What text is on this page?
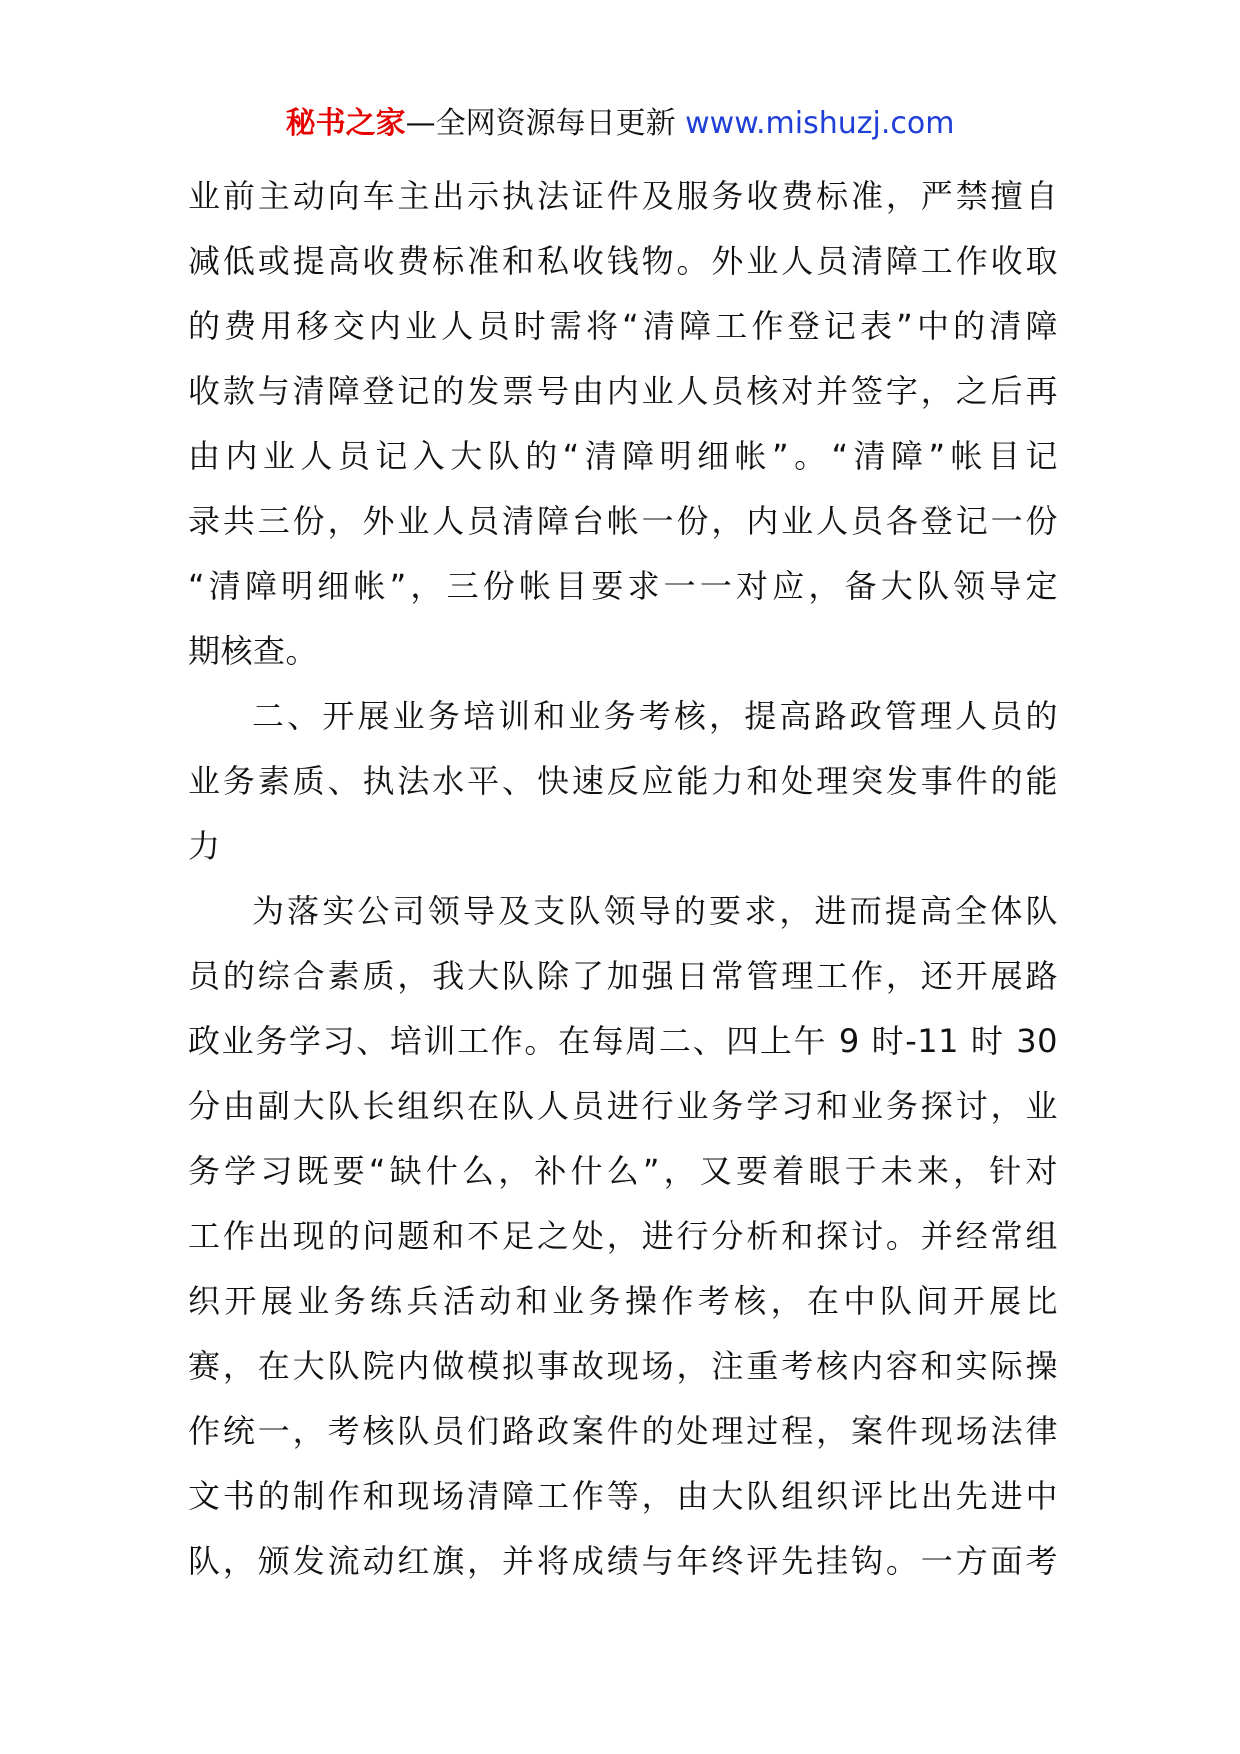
秘书之家—全网资源每日更新 www.mishuzj.com
业前主动向车主出示执法证件及服务收费标准，严禁擅自
减低或提高收费标准和私收钱物。外业人员清障工作收取
的费用移交内业人员时需将“清障工作登记表”中的清障
收款与清障登记的发票号由内业人员核对并签字，之后再
由内业人员记入大队的“清障明细帐”。“清障”帐目记
录共三份，外业人员清障台帐一份，内业人员各登记一份
“清障明细帐”，三份帐目要求一一对应，备大队领导定
期核查。
二、开展业务培训和业务考核，提高路政管理人员的
业务素质、执法水平、快速反应能力和处理突发事件的能
力
为落实公司领导及支队领导的要求，进而提高全体队
员的综合素质，我大队除了加强日常管理工作，还开展路
政业务学习、培训工作。在每周二、四上午 9 时-11 时 30
分由副大队长组织在队人员进行业务学习和业务探讨，业
务学习既要“缺什么，补什么”，又要着眼于未来，针对
工作出现的问题和不足之处，进行分析和探讨。并经常组
织开展业务练兵活动和业务操作考核，在中队间开展比
赛，在大队院内做模拟事故现场，注重考核内容和实际操
作统一，考核队员们路政案件的处理过程，案件现场法律
文书的制作和现场清障工作等，由大队组织评比出先进中
队，颁发流动红旗，并将成绩与年终评先挂钩。一方面考
